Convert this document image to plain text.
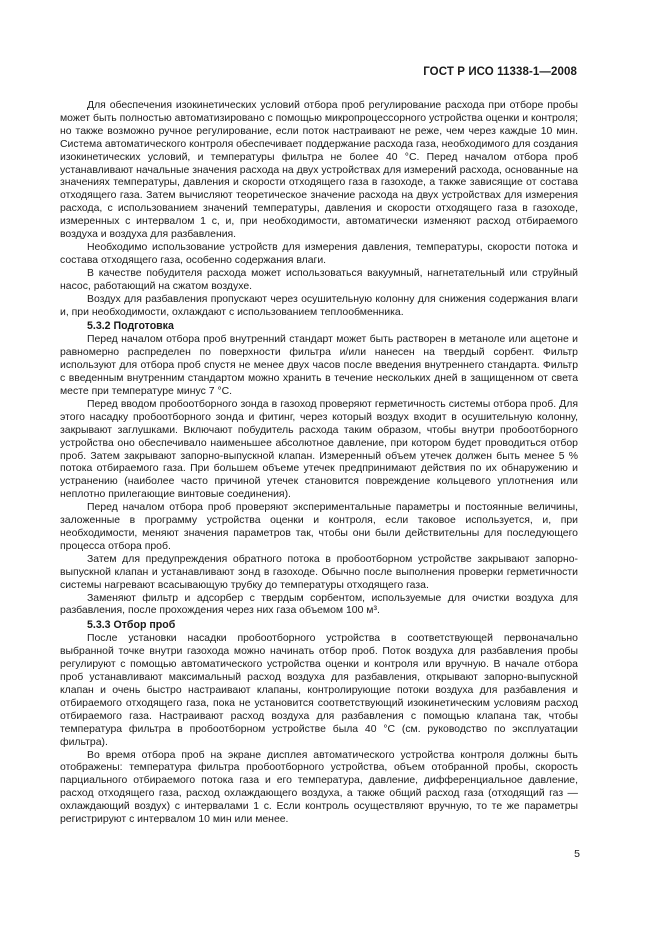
ГОСТ Р ИСО 11338-1—2008

Для обеспечения изокинетических условий отбора проб регулирование расхода при отборе пробы может быть полностью автоматизировано с помощью микропроцессорного устройства оценки и контроля; но также возможно ручное регулирование, если поток настраивают не реже, чем через каждые 10 мин. Система автоматического контроля обеспечивает поддержание расхода газа, необходимого для создания изокинетических условий, и температуры фильтра не более 40 °С. Перед началом отбора проб устанавливают начальные значения расхода на двух устройствах для измерений расхода, основанные на значениях температуры, давления и скорости отходящего газа в газоходе, а также зависящие от состава отходящего газа. Затем вычисляют теоретическое значение расхода на двух устройствах для измерения расхода, с использованием значений температуры, давления и скорости отходящего газа в газоходе, измеренных с интервалом 1 с, и, при необходимости, автоматически изменяют расход отбираемого воздуха и воздуха для разбавления.

Необходимо использование устройств для измерения давления, температуры, скорости потока и состава отходящего газа, особенно содержания влаги.

В качестве побудителя расхода может использоваться вакуумный, нагнетательный или струйный насос, работающий на сжатом воздухе.

Воздух для разбавления пропускают через осушительную колонну для снижения содержания влаги и, при необходимости, охлаждают с использованием теплообменника.

5.3.2 Подготовка

Перед началом отбора проб внутренний стандарт может быть растворен в метаноле или ацетоне и равномерно распределен по поверхности фильтра и/или нанесен на твердый сорбент. Фильтр используют для отбора проб спустя не менее двух часов после введения внутреннего стандарта. Фильтр с введенным внутренним стандартом можно хранить в течение нескольких дней в защищенном от света месте при температуре минус 7 °С.

Перед вводом пробоотборного зонда в газоход проверяют герметичность системы отбора проб. Для этого насадку пробоотборного зонда и фитинг, через который воздух входит в осушительную колонну, закрывают заглушками. Включают побудитель расхода таким образом, чтобы внутри пробоотборного устройства оно обеспечивало наименьшее абсолютное давление, при котором будет проводиться отбор проб. Затем закрывают запорно-выпускной клапан. Измеренный объем утечек должен быть менее 5 % потока отбираемого газа. При большем объеме утечек предпринимают действия по их обнаружению и устранению (наиболее часто причиной утечек становится повреждение кольцевого уплотнения или неплотно прилегающие винтовые соединения).

Перед началом отбора проб проверяют экспериментальные параметры и постоянные величины, заложенные в программу устройства оценки и контроля, если таковое используется, и, при необходимости, меняют значения параметров так, чтобы они были действительны для последующего процесса отбора проб.

Затем для предупреждения обратного потока в пробоотборном устройстве закрывают запорно-выпускной клапан и устанавливают зонд в газоходе. Обычно после выполнения проверки герметичности системы нагревают всасывающую трубку до температуры отходящего газа.

Заменяют фильтр и адсорбер с твердым сорбентом, используемые для очистки воздуха для разбавления, после прохождения через них газа объемом 100 м³.

5.3.3 Отбор проб

После установки насадки пробоотборного устройства в соответствующей первоначально выбранной точке внутри газохода можно начинать отбор проб. Поток воздуха для разбавления пробы регулируют с помощью автоматического устройства оценки и контроля или вручную. В начале отбора проб устанавливают максимальный расход воздуха для разбавления, открывают запорно-выпускной клапан и очень быстро настраивают клапаны, контролирующие потоки воздуха для разбавления и отбираемого отходящего газа, пока не установится соответствующий изокинетическим условиям расход отбираемого газа. Настраивают расход воздуха для разбавления с помощью клапана так, чтобы температура фильтра в пробоотборном устройстве была 40 °С (см. руководство по эксплуатации фильтра).

Во время отбора проб на экране дисплея автоматического устройства контроля должны быть отображены: температура фильтра пробоотборного устройства, объем отобранной пробы, скорость парциального отбираемого потока газа и его температура, давление, дифференциальное давление, расход отходящего газа, расход охлаждающего воздуха, а также общий расход газа (отходящий газ — охлаждающий воздух) с интервалами 1 с. Если контроль осуществляют вручную, то те же параметры регистрируют с интервалом 10 мин или менее.

5
